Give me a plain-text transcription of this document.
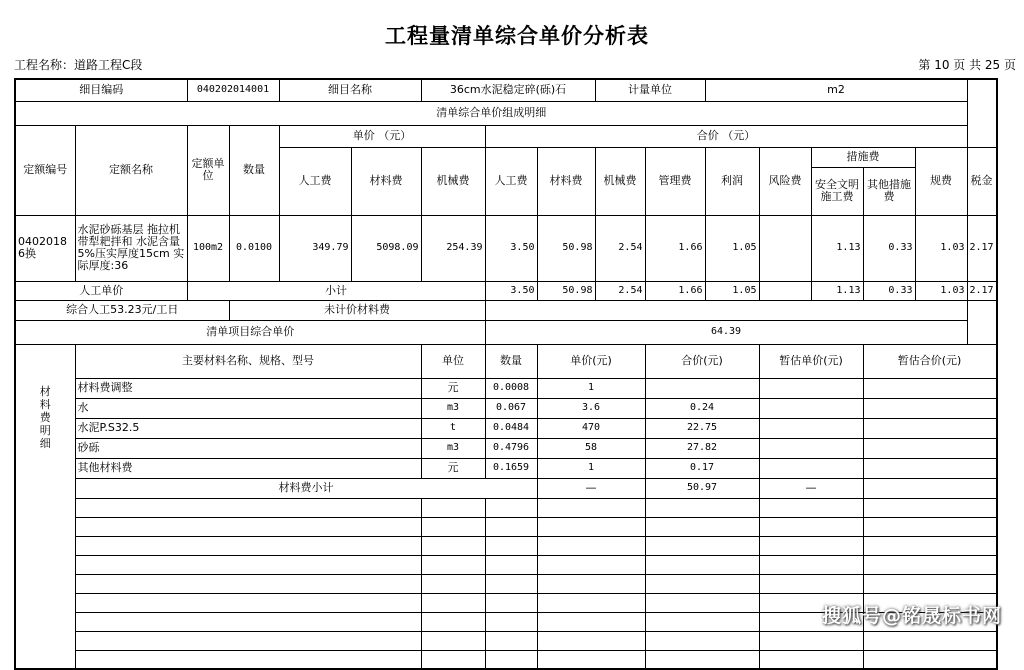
工程量清单综合单价分析表
工程名称：道路工程C段	第 10 页 共 25 页
细目编码		040202014001		细目名称		36cm水泥稳定碎(砾)石			计量单位		m2					
清单综合单价组成明细																
定额编号	定额名称	定额单位	数量	单价 （元）			合价 （元）									
				人工费	材料费	机械费	人工费	材料费	机械费	管理费	利润	风险费	措施费		规费	税金
													安全文明施工费	其他措施费		
04020186换	水泥砂砾基层 拖拉机带犁耙拌和 水泥含量5%压实厚度15cm 实际厚度:36	100m2	0.0100	349.79	5098.09	254.39	3.50	50.98	2.54	1.66	1.05		1.13	0.33	1.03	2.17
人工单价		小计					3.50	50.98	2.54	1.66	1.05		1.13	0.33	1.03	2.17
综合人工53.23元/工日			未计价材料费													
清单项目综合单价							64.39									

材料费明细	主要材料名称、规格、型号					单位	数量	单价(元)		合价(元)		暂估单价(元)		暂估合价(元)		
	材料费调整					元	0.0008	1								
	水					m3	0.067	3.6		0.24						
	水泥P.S32.5					t	0.0484	470		22.75						
	砂砾					m3	0.4796	58		27.82						
	其他材料费					元	0.1659	1		0.17						
	材料费小计							—		50.97		—				

搜狐号@铭晟标书网
